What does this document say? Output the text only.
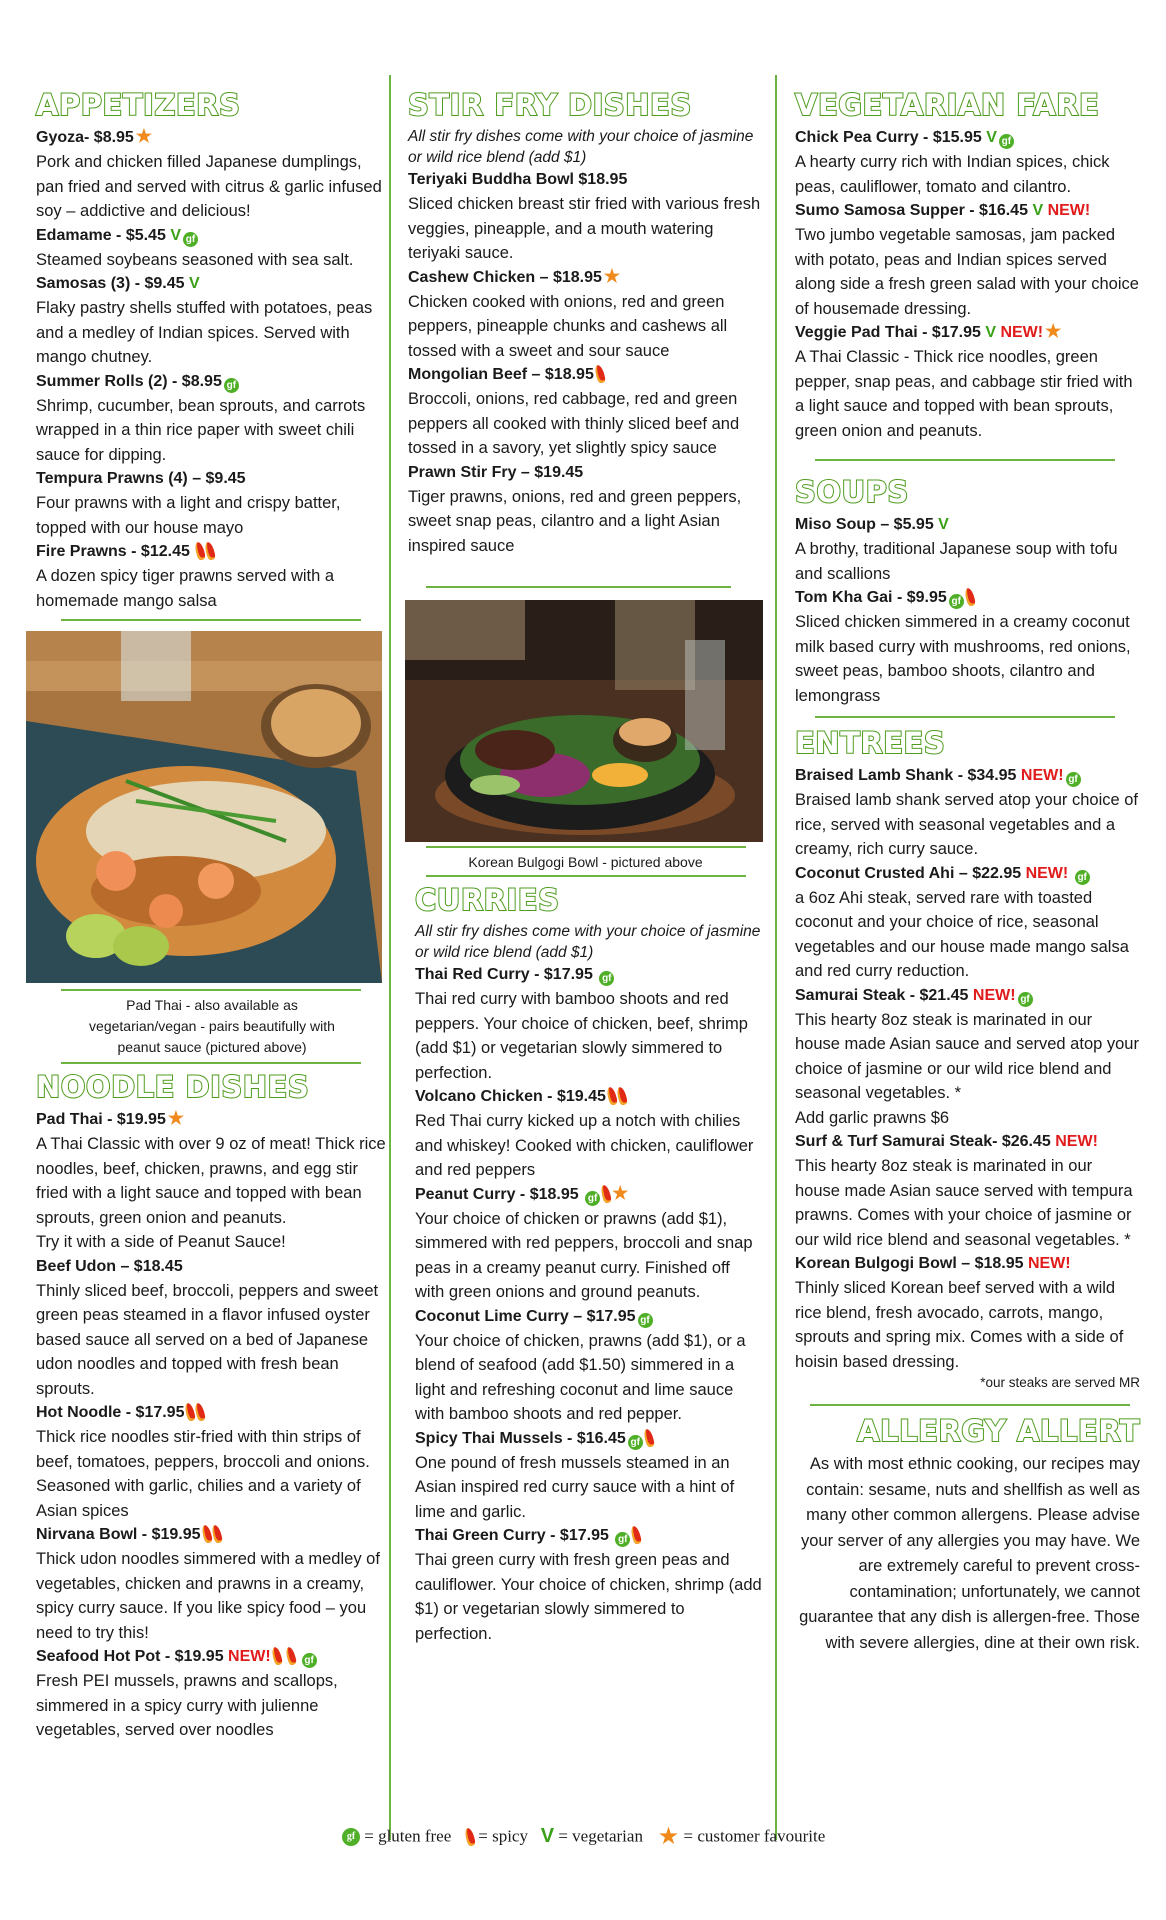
APPETIZERS
Gyoza- $8.95 ★
Pork and chicken filled Japanese dumplings, pan fried and served with citrus & garlic infused soy – addictive and delicious!
Edamame - $5.45 V gf
Steamed soybeans seasoned with sea salt.
Samosas (3) - $9.45 V
Flaky pastry shells stuffed with potatoes, peas and a medley of Indian spices. Served with mango chutney.
Summer Rolls (2) - $8.95 gf
Shrimp, cucumber, bean sprouts, and carrots wrapped in a thin rice paper with sweet chili sauce for dipping.
Tempura Prawns (4) – $9.45
Four prawns with a light and crispy batter, topped with our house mayo
Fire Prawns - $12.45
A dozen spicy tiger prawns served with a homemade mango salsa
Pad Thai - also available as vegetarian/vegan - pairs beautifully with peanut sauce (pictured above)
NOODLE DISHES
Pad Thai - $19.95 ★
A Thai Classic with over 9 oz of meat! Thick rice noodles, beef, chicken, prawns, and egg stir fried with a light sauce and topped with bean sprouts, green onion and peanuts.
Try it with a side of Peanut Sauce!
Beef Udon – $18.45
Thinly sliced beef, broccoli, peppers and sweet green peas steamed in a flavor infused oyster based sauce all served on a bed of Japanese udon noodles and topped with fresh bean sprouts.
Hot Noodle - $17.95
Thick rice noodles stir-fried with thin strips of beef, tomatoes, peppers, broccoli and onions. Seasoned with garlic, chilies and a variety of Asian spices
Nirvana Bowl - $19.95
Thick udon noodles simmered with a medley of vegetables, chicken and prawns in a creamy, spicy curry sauce. If you like spicy food – you need to try this!
Seafood Hot Pot - $19.95 NEW!	gf
Fresh PEI mussels, prawns and scallops, simmered in a spicy curry with julienne vegetables, served over noodles
STIR FRY DISHES

All stir fry dishes come with your choice of jasmine or wild rice blend (add $1)

Teriyaki Buddha Bowl $18.95
Sliced chicken breast stir fried with various fresh veggies, pineapple, and a mouth watering teriyaki sauce.
Cashew Chicken – $18.95 ★
Chicken cooked with onions, red and green peppers, pineapple chunks and cashews all tossed with a sweet and sour sauce
Mongolian Beef – $18.95
Broccoli, onions, red cabbage, red and green peppers all cooked with thinly sliced beef and tossed in a savory, yet slightly spicy sauce
Prawn Stir Fry – $19.45
Tiger prawns, onions, red and green peppers, sweet snap peas, cilantro and a light Asian inspired sauce
Korean Bulgogi Bowl - pictured above
CURRIES

All stir fry dishes come with your choice of jasmine or wild rice blend (add $1)

Thai Red Curry - $17.95 gf
Thai red curry with bamboo shoots and red peppers. Your choice of chicken, beef, shrimp (add $1) or vegetarian slowly simmered to perfection.
Volcano Chicken - $19.45
Red Thai curry kicked up a notch with chilies and whiskey! Cooked with chicken, cauliflower and red peppers
Peanut Curry - $18.95 gf ★
Your choice of chicken or prawns (add $1), simmered with red peppers, broccoli and snap peas in a creamy peanut curry. Finished off with green onions and ground peanuts.
Coconut Lime Curry – $17.95 gf
Your choice of chicken, prawns (add $1), or a blend of seafood (add $1.50) simmered in a light and refreshing coconut and lime sauce with bamboo shoots and red pepper.
Spicy Thai Mussels - $16.45 gf
One pound of fresh mussels steamed in an Asian inspired red curry sauce with a hint of lime and garlic.
Thai Green Curry - $17.95 gf
Thai green curry with fresh green peas and cauliflower. Your choice of chicken, shrimp (add $1) or vegetarian slowly simmered to perfection.
VEGETARIAN FARE
Chick Pea Curry - $15.95 V gf
A hearty curry rich with Indian spices, chick peas, cauliflower, tomato and cilantro.
Sumo Samosa Supper - $16.45 V NEW!
Two jumbo vegetable samosas, jam packed with potato, peas and Indian spices served along side a fresh green salad with your choice of housemade dressing.
Veggie Pad Thai - $17.95 V NEW! ★
A Thai Classic - Thick rice noodles, green pepper, snap peas, and cabbage stir fried with a light sauce and topped with bean sprouts, green onion and peanuts.
SOUPS
Miso Soup – $5.95 V
A brothy, traditional Japanese soup with tofu and scallions
Tom Kha Gai - $9.95 gf
Sliced chicken simmered in a creamy coconut milk based curry with mushrooms, red onions, sweet peas, bamboo shoots, cilantro and lemongrass
ENTREES
Braised Lamb Shank - $34.95 NEW! gf
Braised lamb shank served atop your choice of rice, served with seasonal vegetables and a creamy, rich curry sauce.
Coconut Crusted Ahi – $22.95 NEW! gf
a 6oz Ahi steak, served rare with toasted coconut and your choice of rice, seasonal vegetables and our house made mango salsa and red curry reduction.
Samurai Steak - $21.45 NEW! gf
This hearty 8oz steak is marinated in our house made Asian sauce and served atop your choice of jasmine or our wild rice blend and seasonal vegetables. *
Add garlic prawns $6
Surf & Turf Samurai Steak- $26.45 NEW!
This hearty 8oz steak is marinated in our house made Asian sauce served with tempura prawns. Comes with your choice of jasmine or our wild rice blend and seasonal vegetables. *
Korean Bulgogi Bowl – $18.95 NEW!
Thinly sliced Korean beef served with a wild rice blend, fresh avocado, carrots, mango, sprouts and spring mix. Comes with a side of hoisin based dressing.
*our steaks are served MR
ALLERGY ALLERT
As with most ethnic cooking, our recipes may contain: sesame, nuts and shellfish as well as many other common allergens. Please advise your server of any allergies you may have. We are extremely careful to prevent cross-contamination; unfortunately, we cannot guarantee that any dish is allergen-free. Those with severe allergies, dine at their own risk.
gf = gluten free = spicy V = vegetarian ★ = customer favourite
